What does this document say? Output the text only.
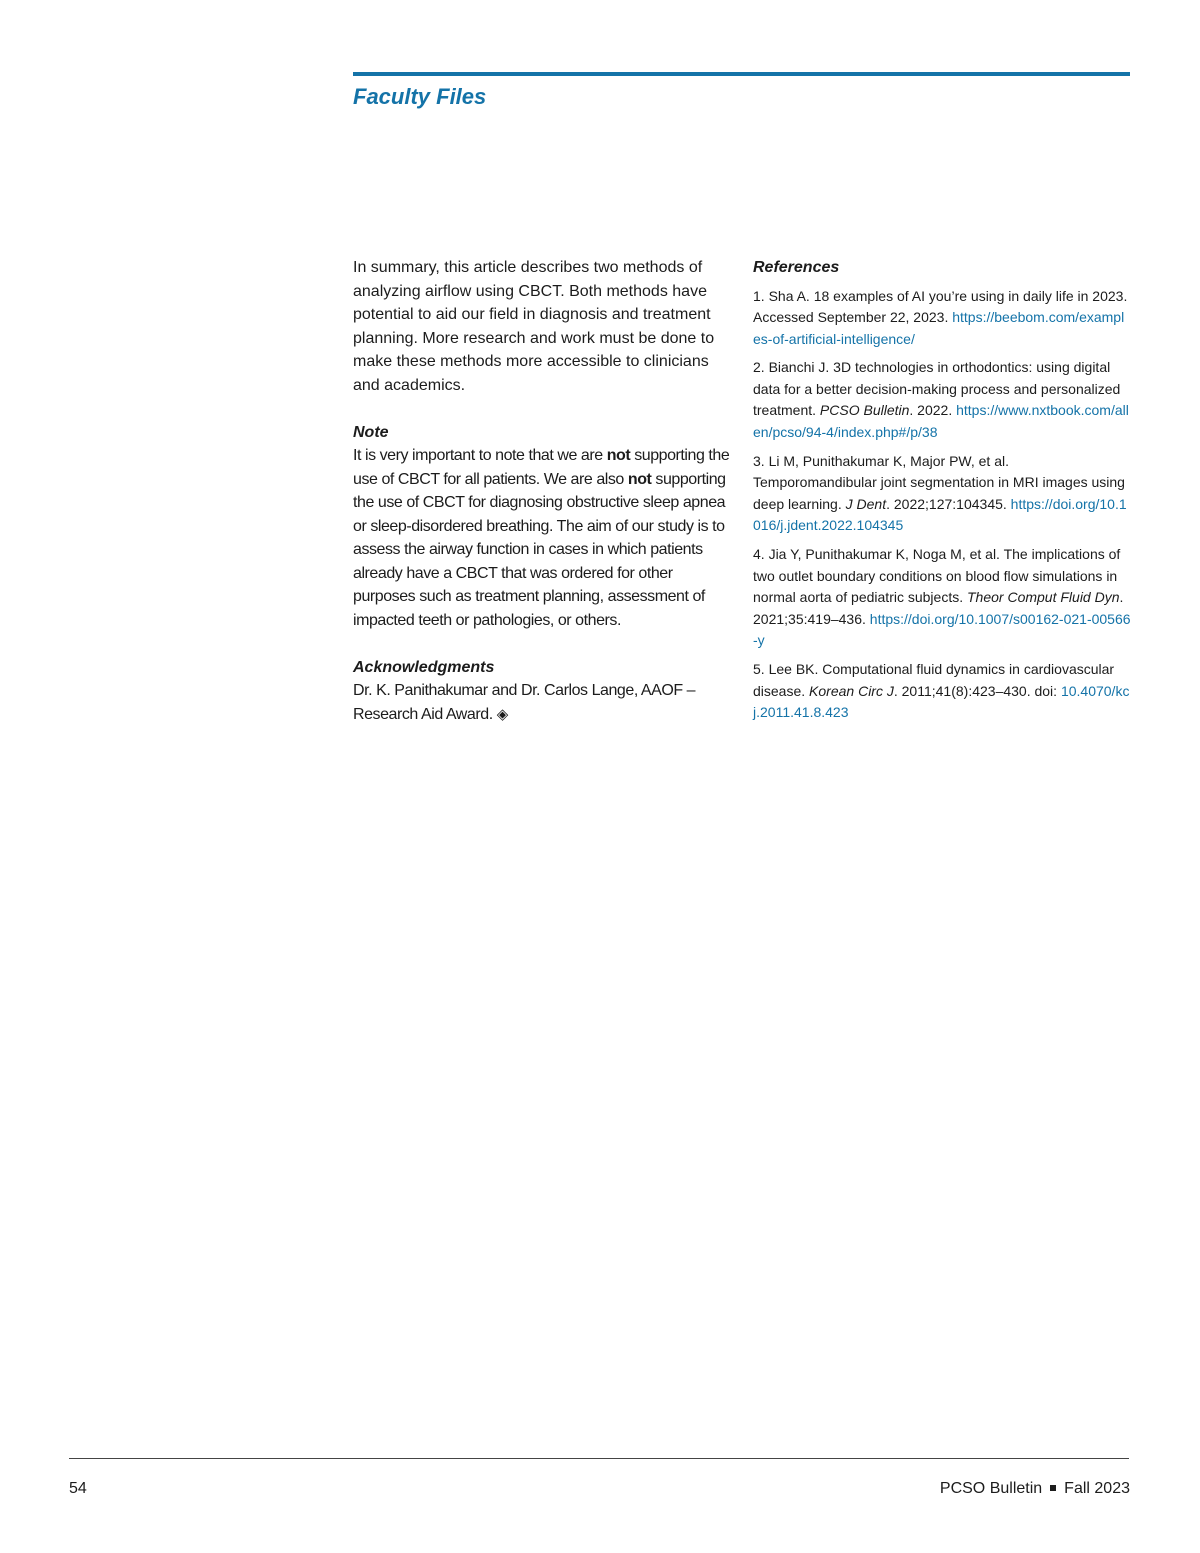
Faculty Files

In summary, this article describes two methods of analyzing airflow using CBCT. Both methods have potential to aid our field in diagnosis and treatment planning. More research and work must be done to make these methods more accessible to clinicians and academics.

Note

It is very important to note that we are not supporting the use of CBCT for all patients. We are also not supporting the use of CBCT for diagnosing obstructive sleep apnea or sleep-disordered breathing. The aim of our study is to assess the airway function in cases in which patients already have a CBCT that was ordered for other purposes such as treatment planning, assessment of impacted teeth or pathologies, or others.

Acknowledgments

Dr. K. Panithakumar and Dr. Carlos Lange, AAOF – Research Aid Award. ◈

References

1. Sha A. 18 examples of AI you’re using in daily life in 2023. Accessed September 22, 2023. https://beebom.com/examples-of-artificial-intelligence/

2. Bianchi J. 3D technologies in orthodontics: using digital data for a better decision-making process and personalized treatment. PCSO Bulletin. 2022. https://www.nxtbook.com/allen/pcso/94-4/index.php#/p/38

3. Li M, Punithakumar K, Major PW, et al. Temporomandibular joint segmentation in MRI images using deep learning. J Dent. 2022;127:104345. https://doi.org/10.1016/j.jdent.2022.104345

4. Jia Y, Punithakumar K, Noga M, et al. The implications of two outlet boundary conditions on blood flow simulations in normal aorta of pediatric subjects. Theor Comput Fluid Dyn. 2021;35:419–436. https://doi.org/10.1007/s00162-021-00566-y

5. Lee BK. Computational fluid dynamics in cardiovascular disease. Korean Circ J. 2011;41(8):423–430. doi: 10.4070/kcj.2011.41.8.423

54	PCSO Bulletin Fall 2023
